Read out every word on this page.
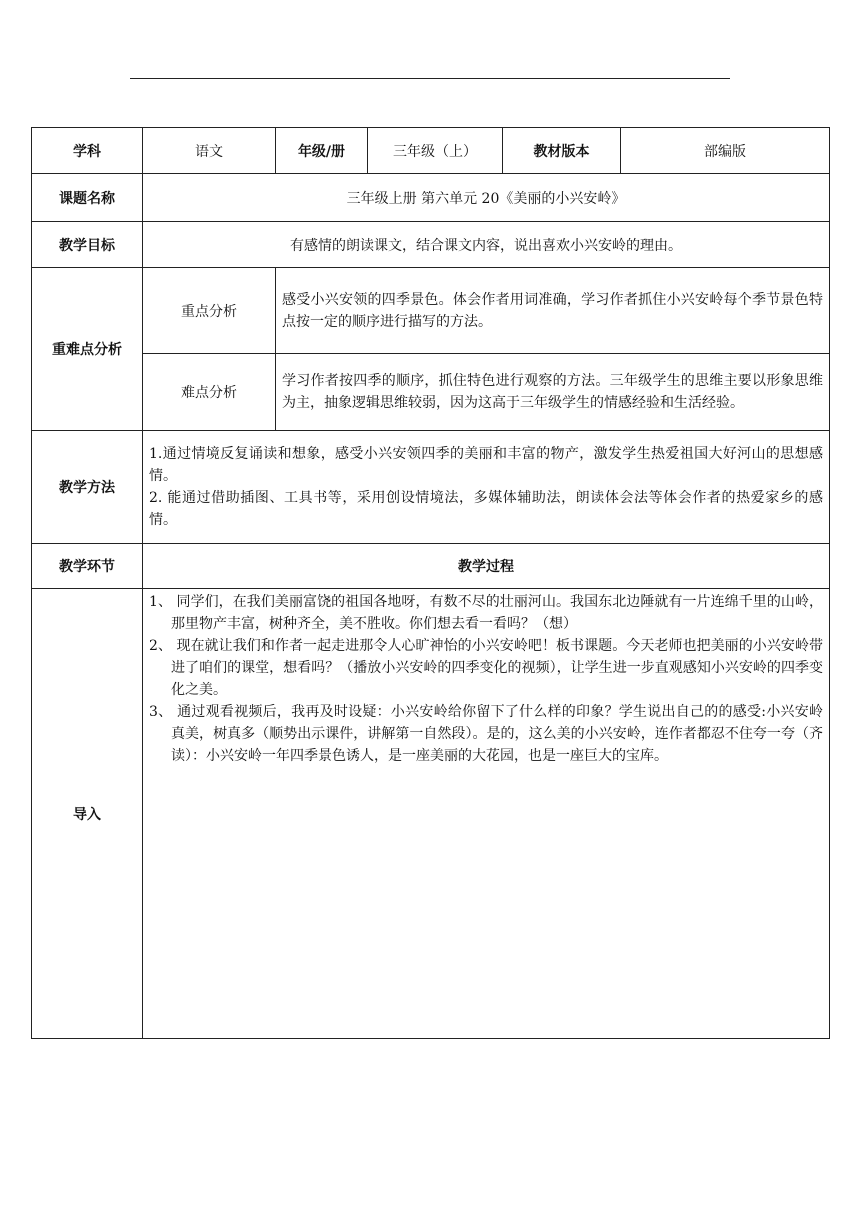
学科	语文	年级/册	三年级（上）	教材版本	部编版
课题名称	三年级上册 第六单元 20《美丽的小兴安岭》				
教学目标	有感情的朗读课文，结合课文内容，说出喜欢小兴安岭的理由。				
重难点分析	重点分析	感受小兴安领的四季景色。体会作者用词准确，学习作者抓住小兴安岭每个季节景色特点按一定的顺序进行描写的方法。			
	难点分析	学习作者按四季的顺序，抓住特色进行观察的方法。三年级学生的思维主要以形象思维为主，抽象逻辑思维较弱，因为这高于三年级学生的情感经验和生活经验。			
教学方法	1.通过情境反复诵读和想象，感受小兴安领四季的美丽和丰富的物产，激发学生热爱祖国大好河山的思想感情。

2. 能通过借助插图、工具书等，采用创设情境法，多媒体辅助法，朗读体会法等体会作者的热爱家乡的感情。				

教学环节	教学过程				
导入	1、 同学们，在我们美丽富饶的祖国各地呀，有数不尽的壮丽河山。我国东北边陲就有一片连绵千里的山岭，那里物产丰富，树种齐全，美不胜收。你们想去看一看吗？（想）

2、 现在就让我们和作者一起走进那令人心旷神怡的小兴安岭吧！板书课题。今天老师也把美丽的小兴安岭带进了咱们的课堂，想看吗？（播放小兴安岭的四季变化的视频），让学生进一步直观感知小兴安岭的四季变化之美。

3、 通过观看视频后，我再及时设疑：小兴安岭给你留下了什么样的印象？学生说出自己的的感受:小兴安岭真美，树真多（顺势出示课件，讲解第一自然段）。是的，这么美的小兴安岭，连作者都忍不住夸一夸（齐读）：小兴安岭一年四季景色诱人，是一座美丽的大花园，也是一座巨大的宝库。				
